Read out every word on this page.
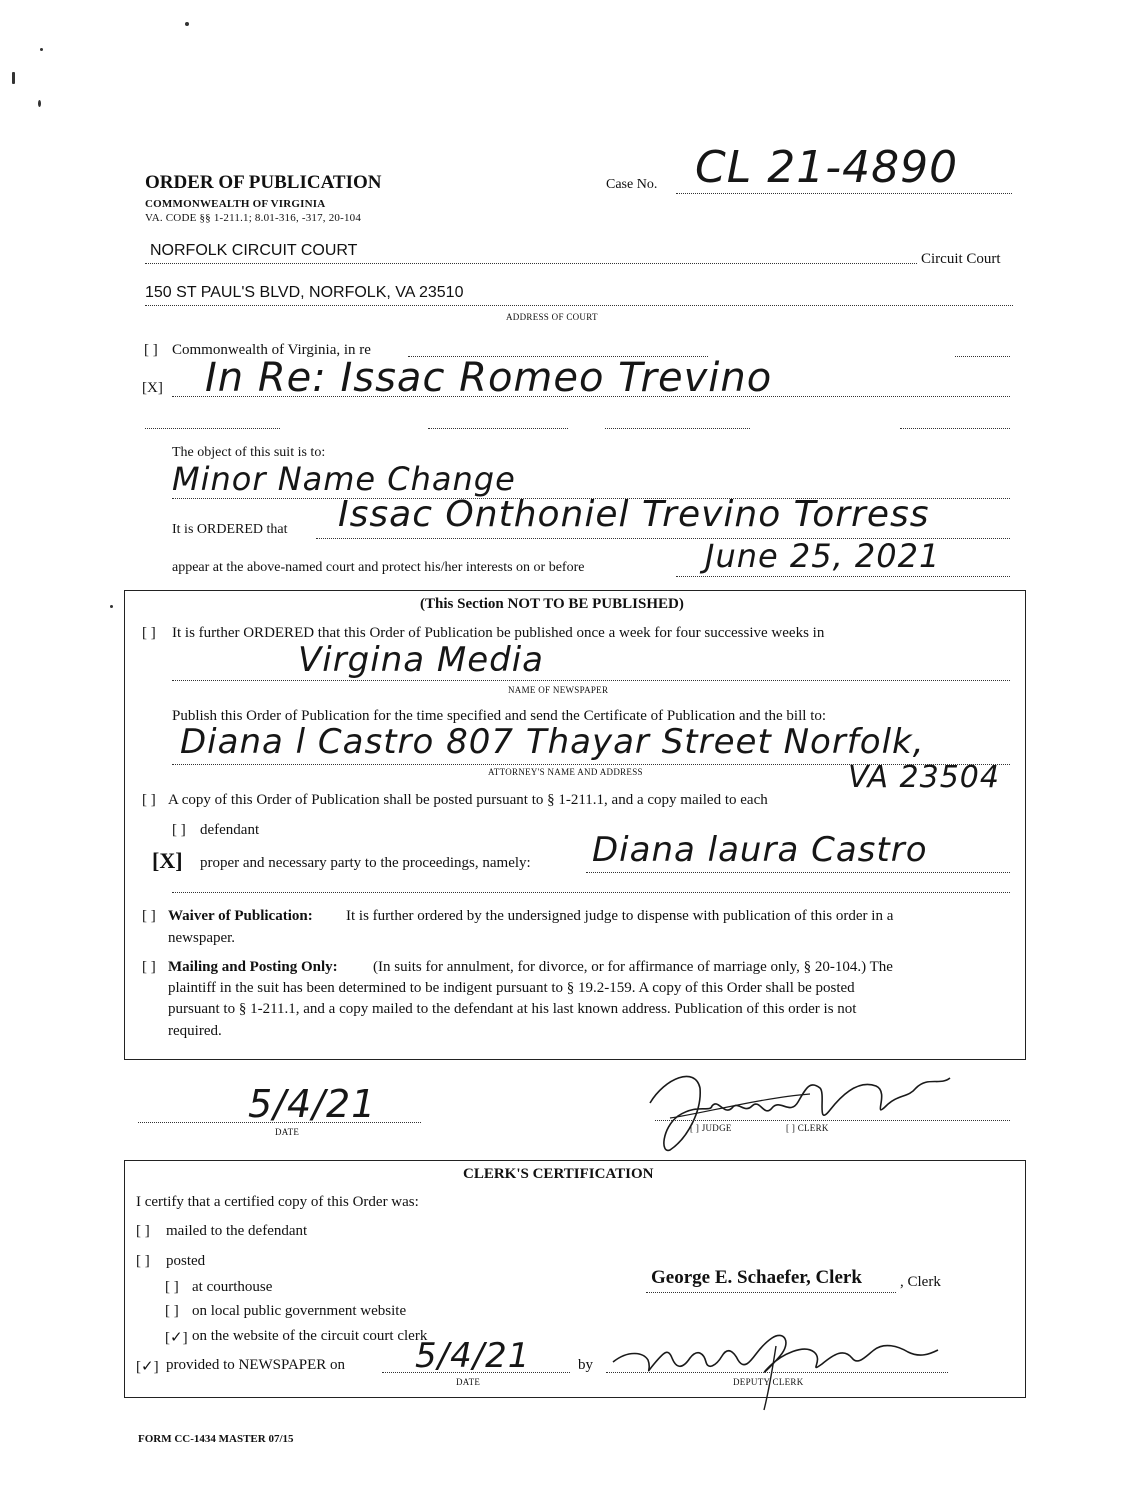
ORDER OF PUBLICATION
COMMONWEALTH OF VIRGINIA
VA. CODE §§ 1-211.1; 8.01-316, -317, 20-104
Case No. CL 21-4890
NORFOLK CIRCUIT COURT	Circuit Court
150 ST PAUL'S BLVD, NORFOLK, VA 23510
ADDRESS OF COURT
[ ] Commonwealth of Virginia, in re
[X] In Re: Issac Romeo Trevino
The object of this suit is to:
Minor Name Change
It is ORDERED that Issac Onthoniel Trevino Torress
appear at the above-named court and protect his/her interests on or before	June 25, 2021
(This Section NOT TO BE PUBLISHED)
[ ] It is further ORDERED that this Order of Publication be published once a week for four successive weeks in
Virgina Media
NAME OF NEWSPAPER
Publish this Order of Publication for the time specified and send the Certificate of Publication and the bill to:
Diana l Castro 807 Thayar Street Norfolk,
ATTORNEY'S NAME AND ADDRESS	VA 23504
[ ] A copy of this Order of Publication shall be posted pursuant to § 1-211.1, and a copy mailed to each
[ ] defendant
[X] proper and necessary party to the proceedings, namely: Diana laura Castro
[ ] Waiver of Publication: It is further ordered by the undersigned judge to dispense with publication of this order in a
newspaper.
[ ] Mailing and Posting Only: (In suits for annulment, for divorce, or for affirmance of marriage only, § 20-104.) The
plaintiff in the suit has been determined to be indigent pursuant to § 19.2-159. A copy of this Order shall be posted
pursuant to § 1-211.1, and a copy mailed to the defendant at his last known address. Publication of this order is not
required.
5/4/21
DATE	[ ] JUDGE	[ ] CLERK
CLERK'S CERTIFICATION
I certify that a certified copy of this Order was:
[ ] mailed to the defendant
[ ] posted
[ ] at courthouse
[ ] on local public government website
[✓] on the website of the circuit court clerk
[✓] provided to NEWSPAPER on 5/4/21
DATE
by
George E. Schaefer, Clerk	, Clerk
DEPUTY CLERK
FORM CC-1434 MASTER 07/15
